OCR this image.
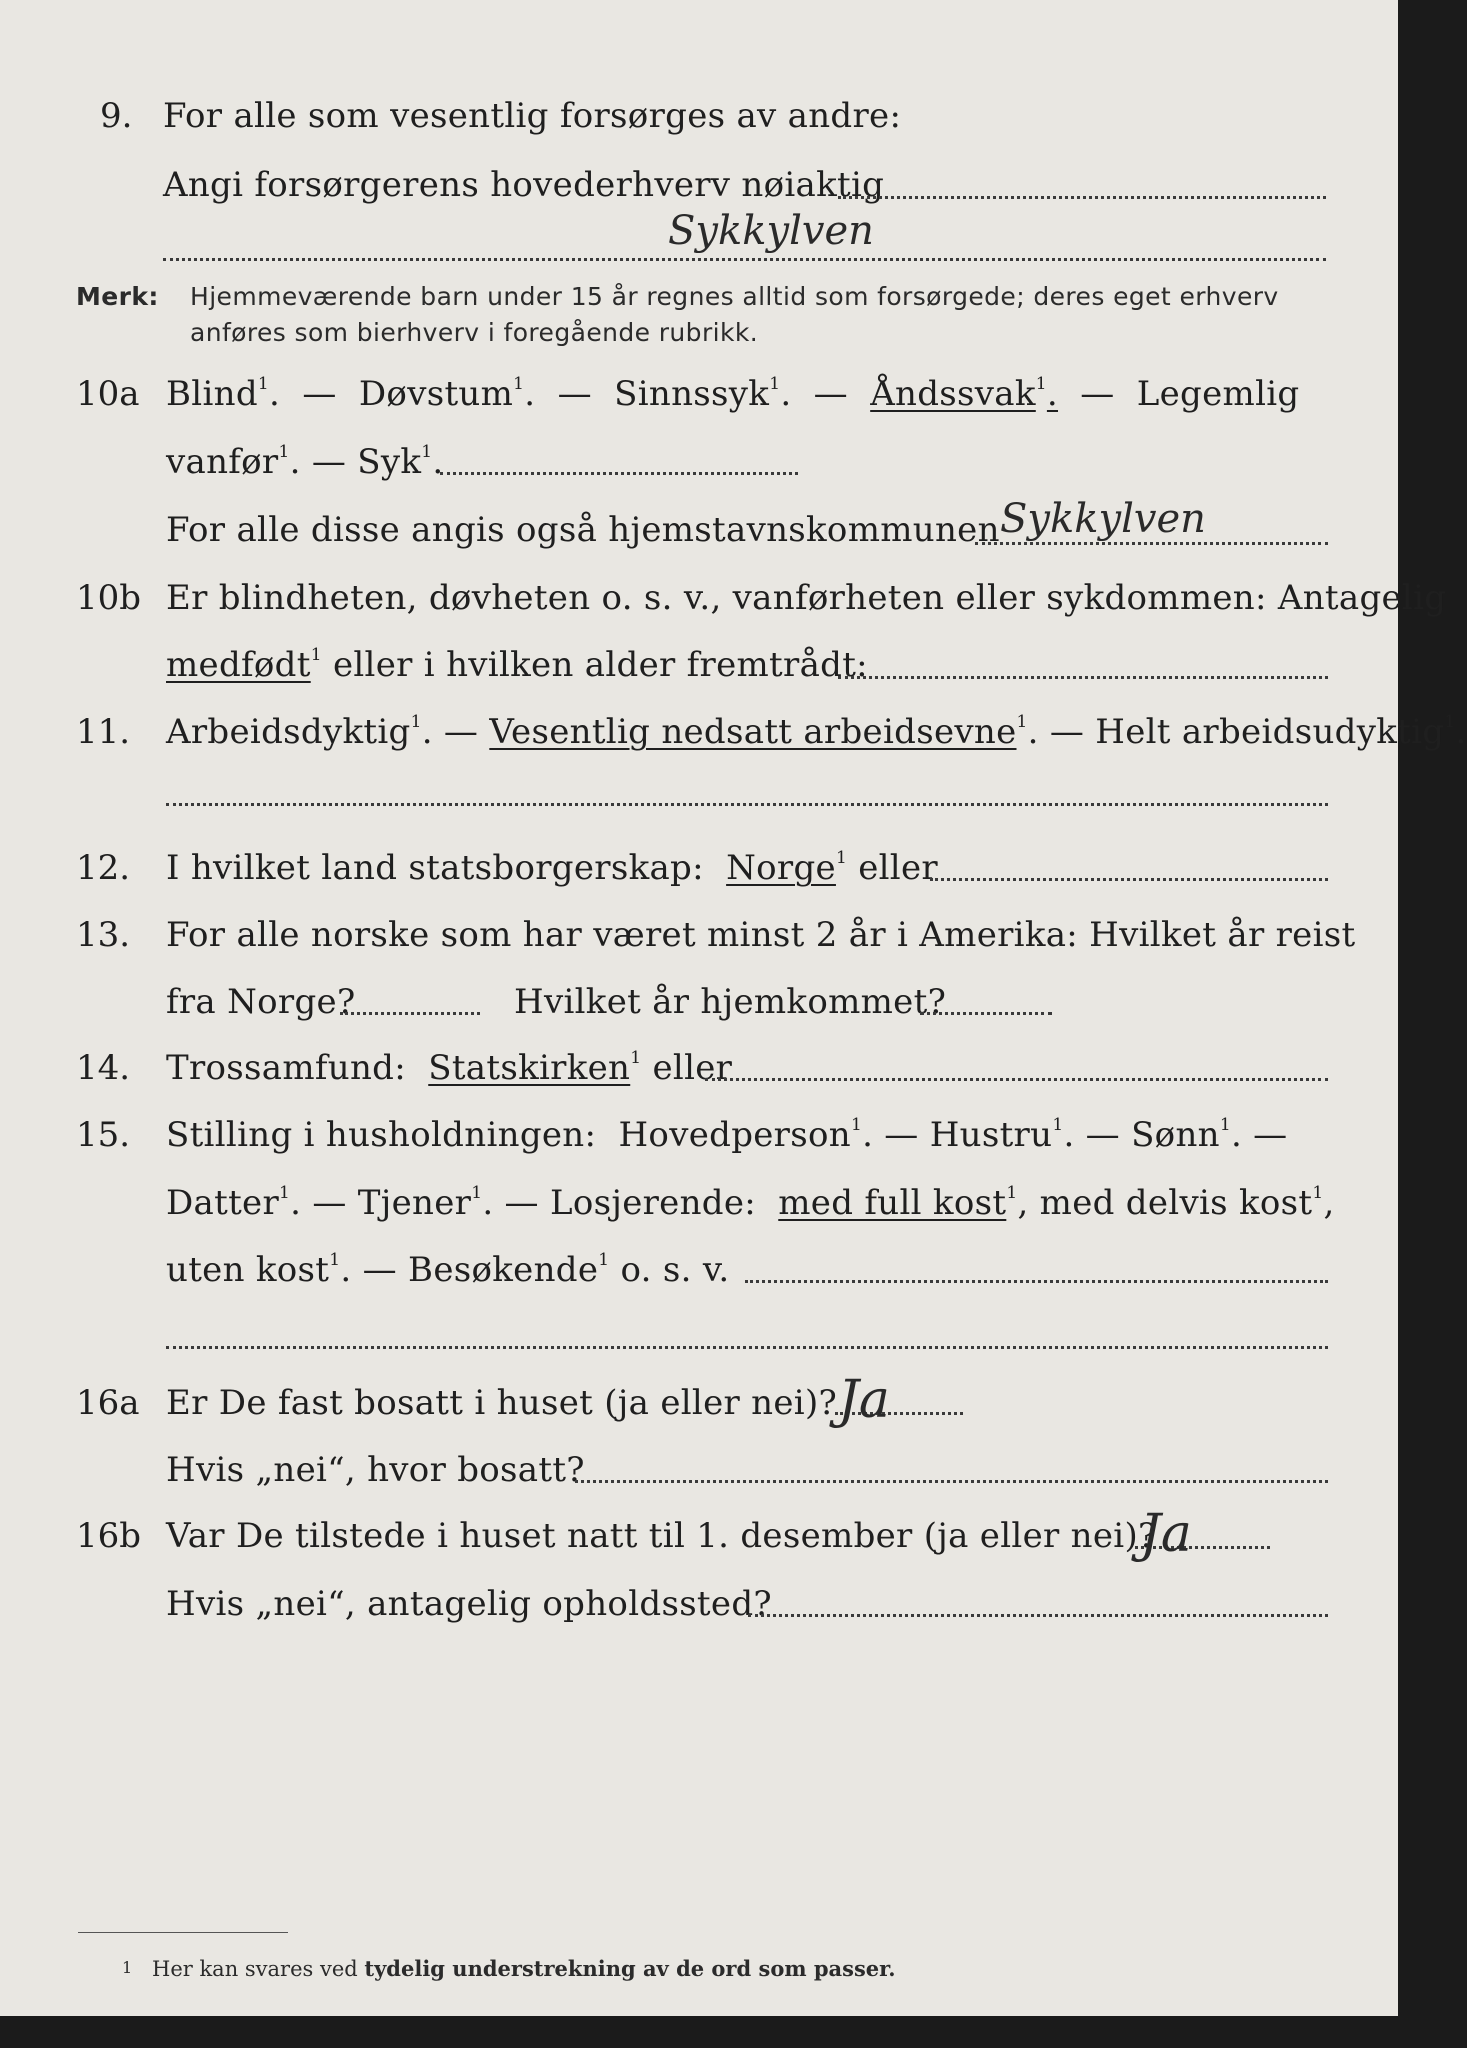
9. For alle som vesentlig forsørges av andre:
Angi forsørgerens hovederhverv nøiaktig
Sykkylven
Merk: Hjemmeværende barn under 15 år regnes alltid som forsørgede; deres eget erhverv
anføres som bierhverv i foregående rubrikk.
10a Blind$^1$.  —  Døvstum$^1$.  —  Sinnssyk$^1$.  —  Åndssvak$^1$.  —  Legemlig
vanfør$^1$. — Syk$^1$.
For alle disse angis også hjemstavnskommunen Sykkylven
10b Er blindheten, døvheten o. s. v., vanførheten eller sykdommen: Antagelig
medfødt$^1$ eller i hvilken alder fremtrådt:
11. Arbeidsdyktig$^1$. — Vesentlig nedsatt arbeidsevne$^1$. — Helt arbeidsudyktig$^1$.
12. I hvilket land statsborgerskap: Norge$^1$ eller
13. For alle norske som har været minst 2 år i Amerika: Hvilket år reist
fra Norge?	Hvilket år hjemkommet?
14. Trossamfund: Statskirken$^1$ eller
15. Stilling i husholdningen: Hovedperson$^1$. — Hustru$^1$. — Sønn$^1$. —
Datter$^1$. — Tjener$^1$. — Losjerende: med full kost$^1$, med delvis kost$^1$,
uten kost$^1$. — Besøkende$^1$ o. s. v.
16a Er De fast bosatt i huset (ja eller nei)? Ja
Hvis „nei“, hvor bosatt?
16b Var De tilstede i huset natt til 1. desember (ja eller nei)?
Ja
Hvis „nei“, antagelig opholdssted?
1 Her kan svares ved tydelig understrekning av de ord som passer.
